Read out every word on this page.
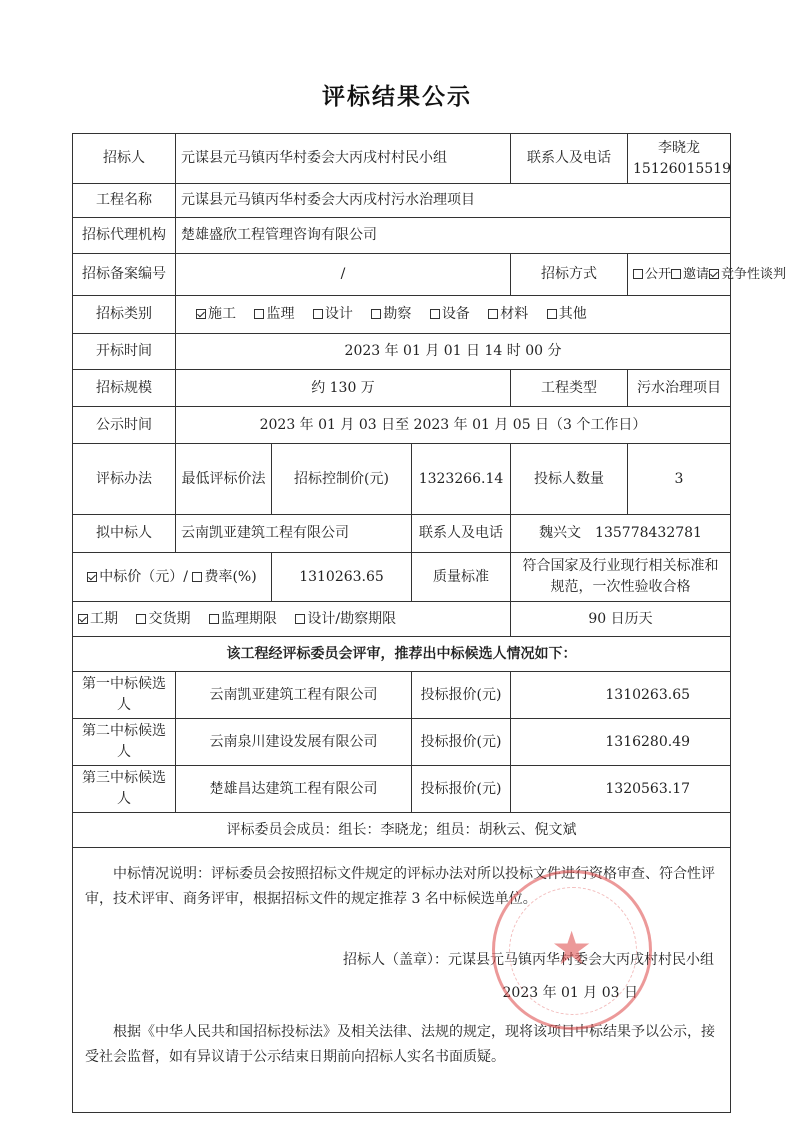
评标结果公示
招标人	元谋县元马镇丙华村委会大丙戌村村民小组			联系人及电话	李晓龙　15126015519
工程名称	元谋县元马镇丙华村委会大丙戌村污水治理项目				
招标代理机构	楚雄盛欣工程管理咨询有限公司				
招标备案编号	/			招标方式	公开 邀请 竞争性谈判
招标类别	施工 监理 设计 勘察 设备 材料 其他				
开标时间	2023 年 01 月 01 日 14 时 00 分				
招标规模	约 130 万			工程类型	污水治理项目
公示时间	2023 年 01 月 03 日至 2023 年 01 月 05 日（3 个工作日）				
评标办法	最低评标价法	招标控制价(元)	1323266.14	投标人数量	3
拟中标人	云南凯亚建筑工程有限公司		联系人及电话	魏兴文　135778432781	
中标价（元）/ 费率(%)		1310263.65	质量标准	符合国家及行业现行相关标准和规范，一次性验收合格	
工期 交货期 监理期限 设计/勘察期限				90 日历天	
该工程经评标委员会评审，推荐出中标候选人情况如下：					
第一中标候选人	云南凯亚建筑工程有限公司		投标报价(元)	1310263.65	
第二中标候选人	云南泉川建设发展有限公司		投标报价(元)	1316280.49	
第三中标候选人	楚雄昌达建筑工程有限公司		投标报价(元)	1320563.17	
评标委员会成员：组长：李晓龙；组员：胡秋云、倪文斌					

中标情况说明：评标委员会按照招标文件规定的评标办法对所以投标文件进行资格审查、符合性评审，技术评审、商务评审，根据招标文件的规定推荐 3 名中标候选单位。
招标人（盖章）：元谋县元马镇丙华村委会大丙戌村村民小组
2023 年 01 月 03 日
根据《中华人民共和国招标投标法》及相关法律、法规的规定，现将该项目中标结果予以公示，接受社会监督，如有异议请于公示结束日期前向招标人实名书面质疑。					
★
